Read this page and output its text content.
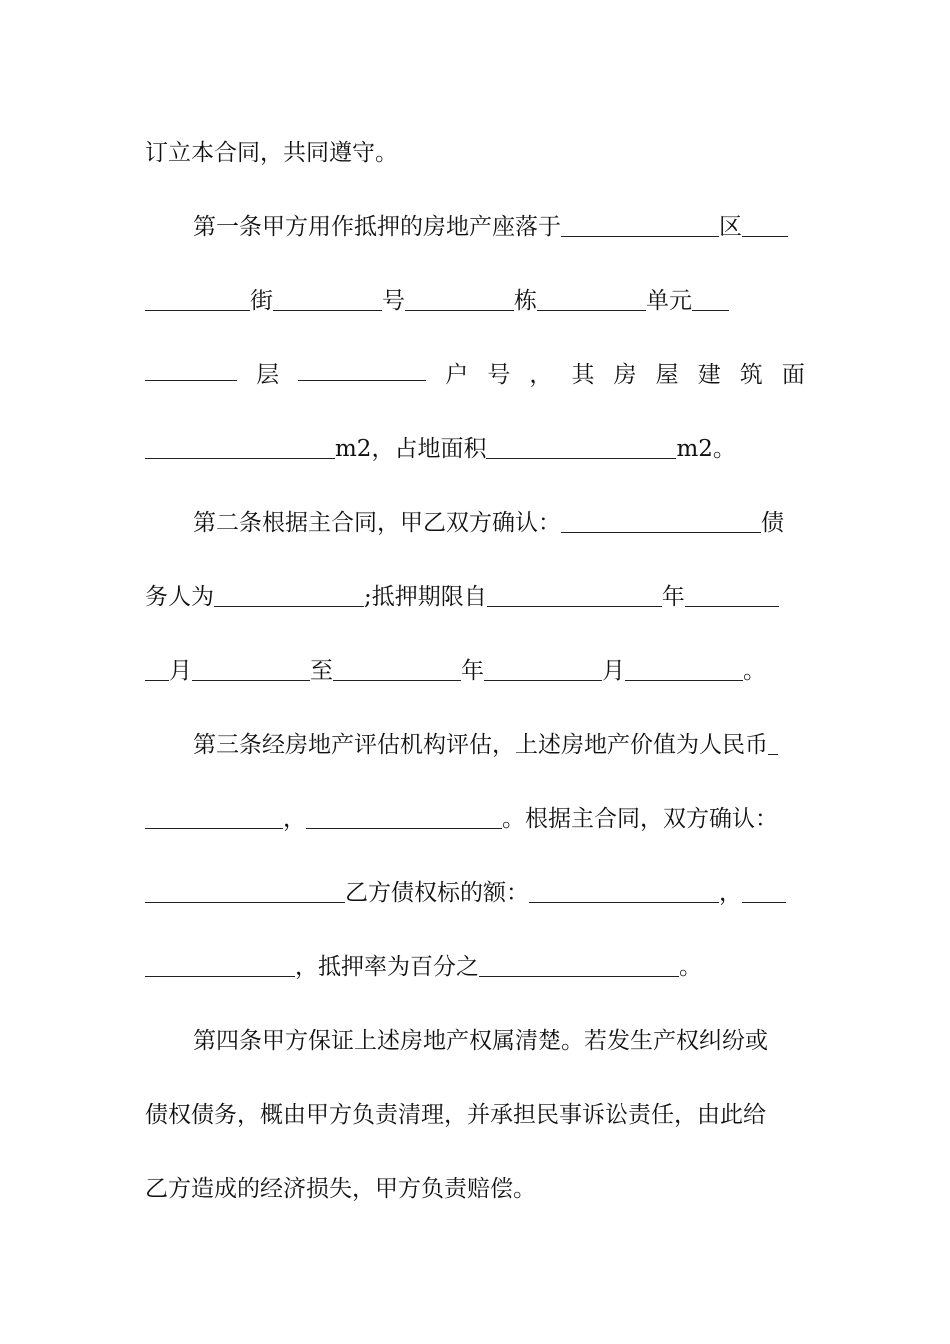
订立本合同，共同遵守。
第一条甲方用作抵押的房地产座落于	区
街	号	栋	单元
层	户 号 ， 其 房 屋 建 筑 面
m2，占地面积	m2。
第二条根据主合同，甲乙双方确认：	债
务人为	;抵押期限自	年
月	至	年	月	。
第三条经房地产评估机构评估，上述房地产价值为人民币
，	。根据主合同，双方确认：
乙方债权标的额：	，
，抵押率为百分之	。
第四条甲方保证上述房地产权属清楚。若发生产权纠纷或
债权债务，概由甲方负责清理，并承担民事诉讼责任，由此给
乙方造成的经济损失，甲方负责赔偿。
